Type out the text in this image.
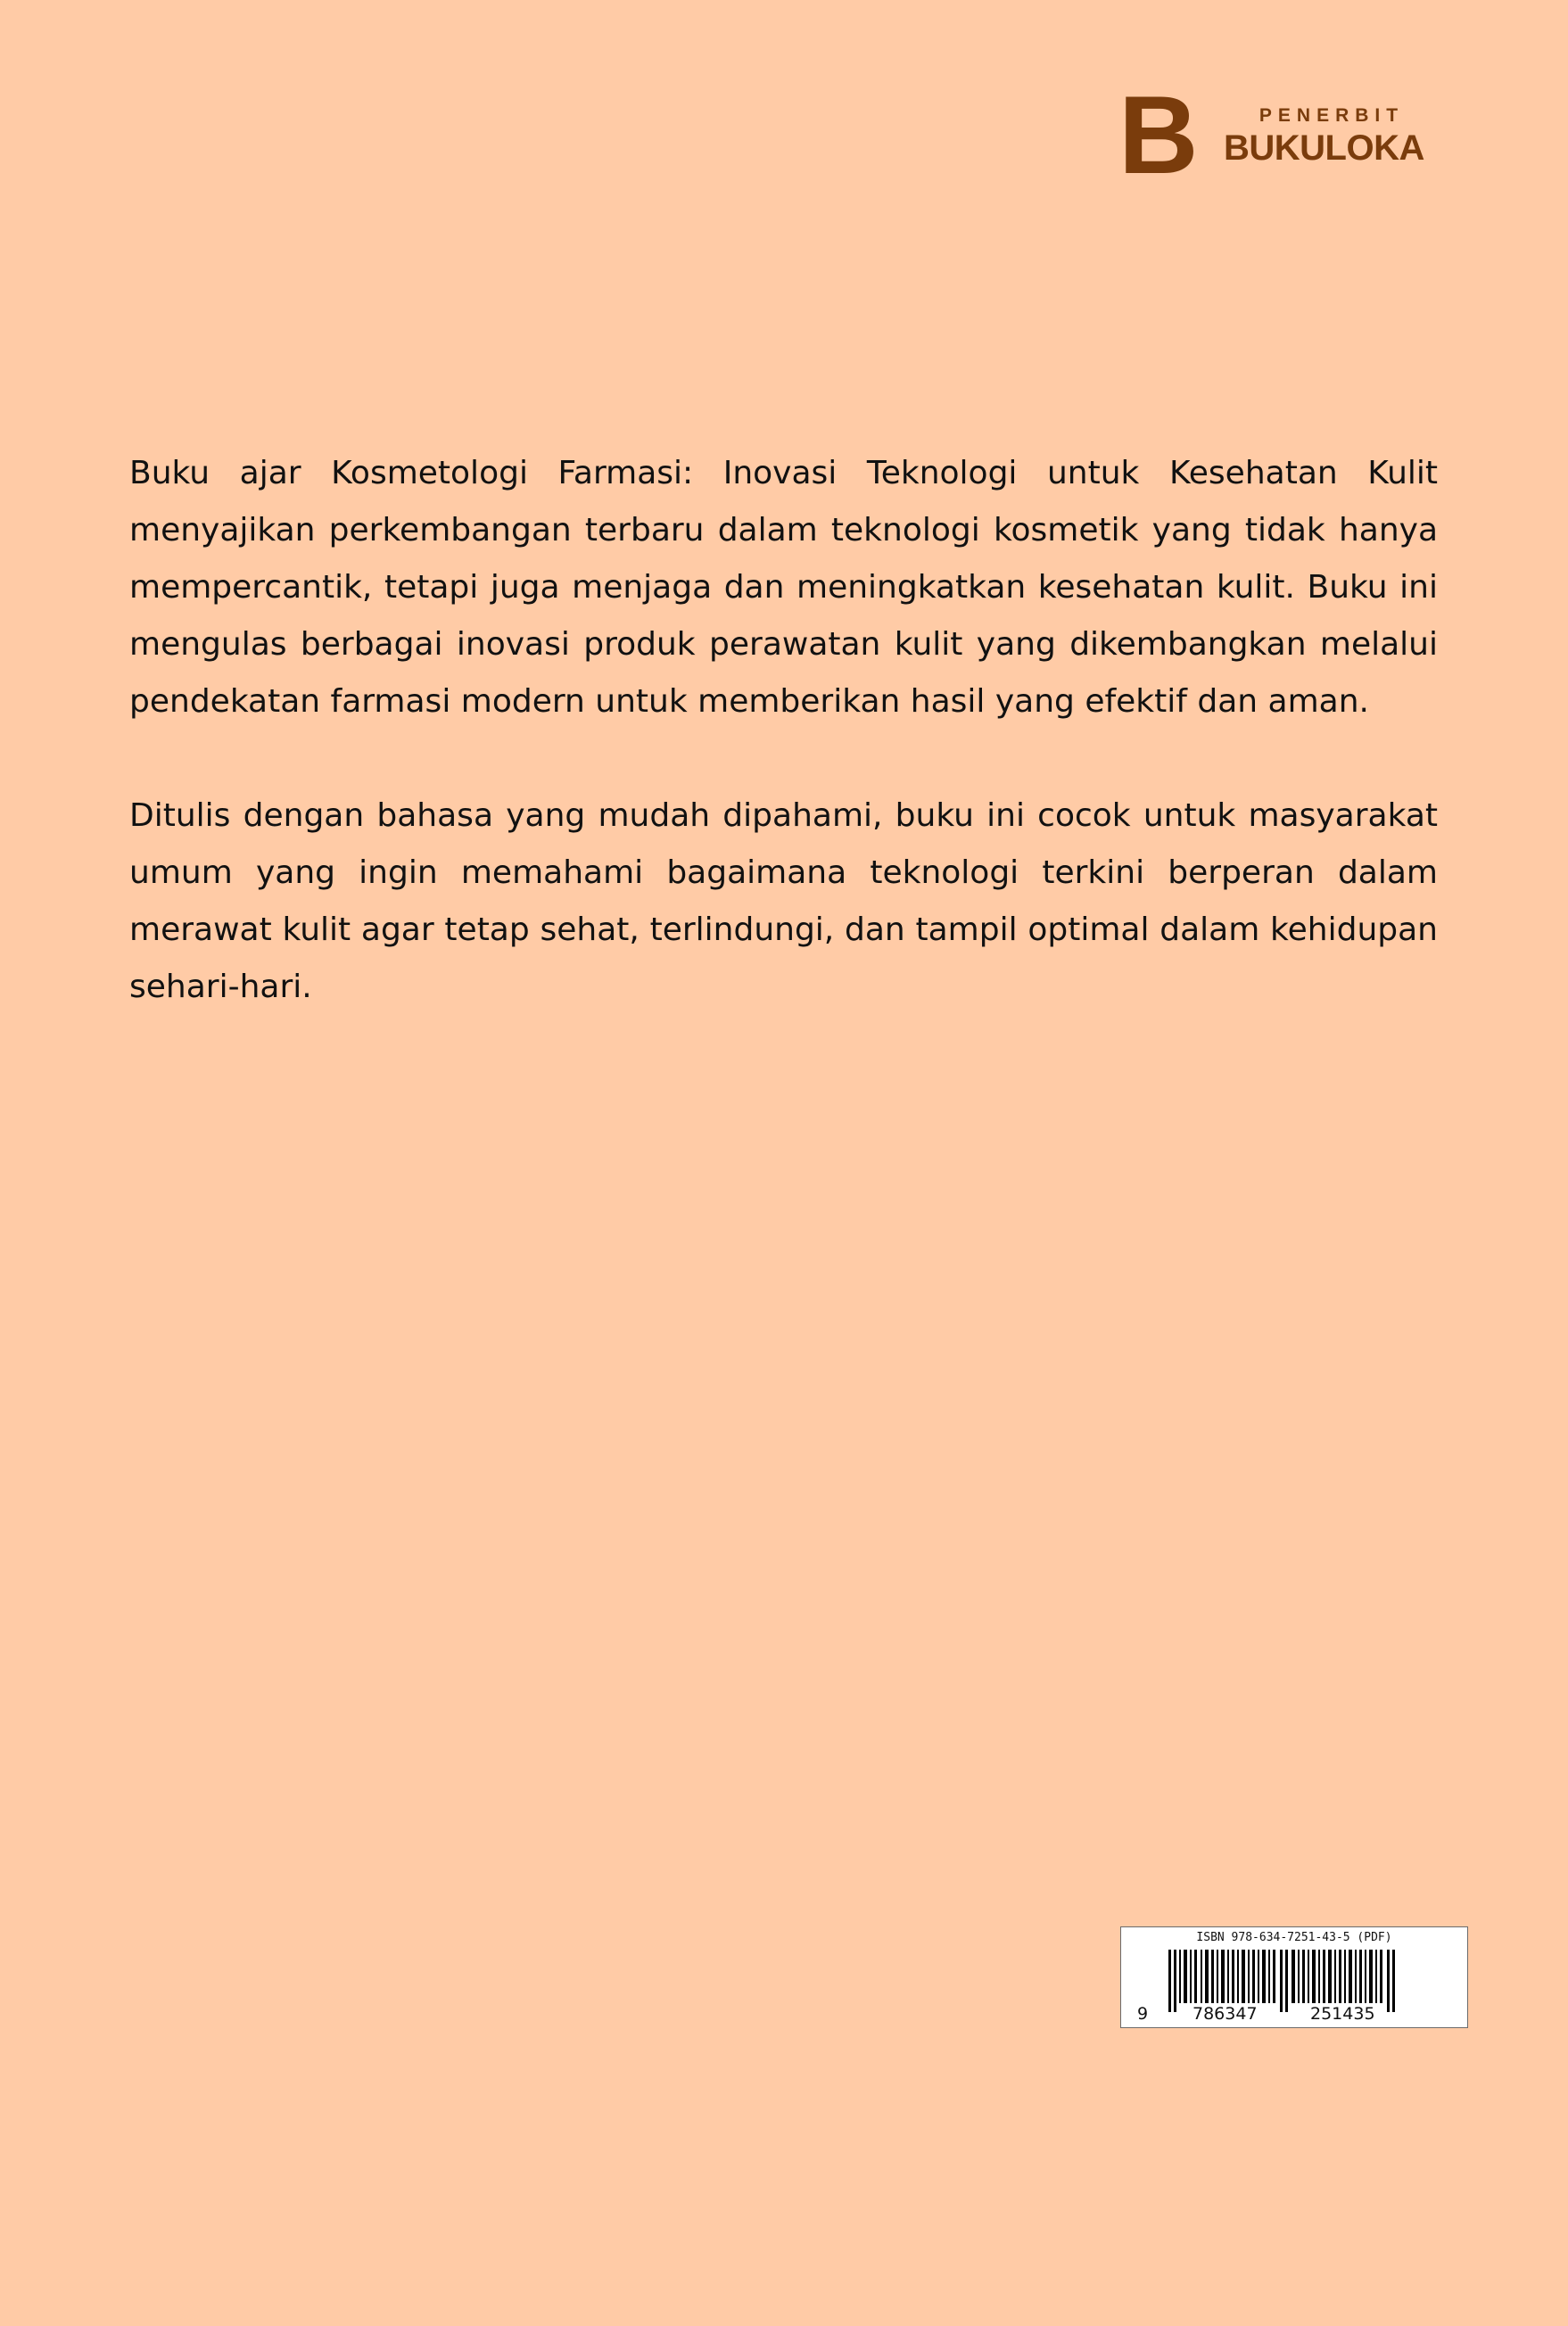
B	PENERBIT
BUKULOKA

Buku ajar Kosmetologi Farmasi: Inovasi Teknologi untuk Kesehatan Kulit menyajikan perkembangan terbaru dalam teknologi kosmetik yang tidak hanya mempercantik, tetapi juga menjaga dan meningkatkan kesehatan kulit. Buku ini mengulas berbagai inovasi produk perawatan kulit yang dikembangkan melalui pendekatan farmasi modern untuk memberikan hasil yang efektif dan aman.

Ditulis dengan bahasa yang mudah dipahami, buku ini cocok untuk masyarakat umum yang ingin memahami bagaimana teknologi terkini berperan dalam merawat kulit agar tetap sehat, terlindungi, dan tampil optimal dalam kehidupan sehari-hari.

ISBN 978-634-7251-43-5 (PDF)
9	786347	251435
